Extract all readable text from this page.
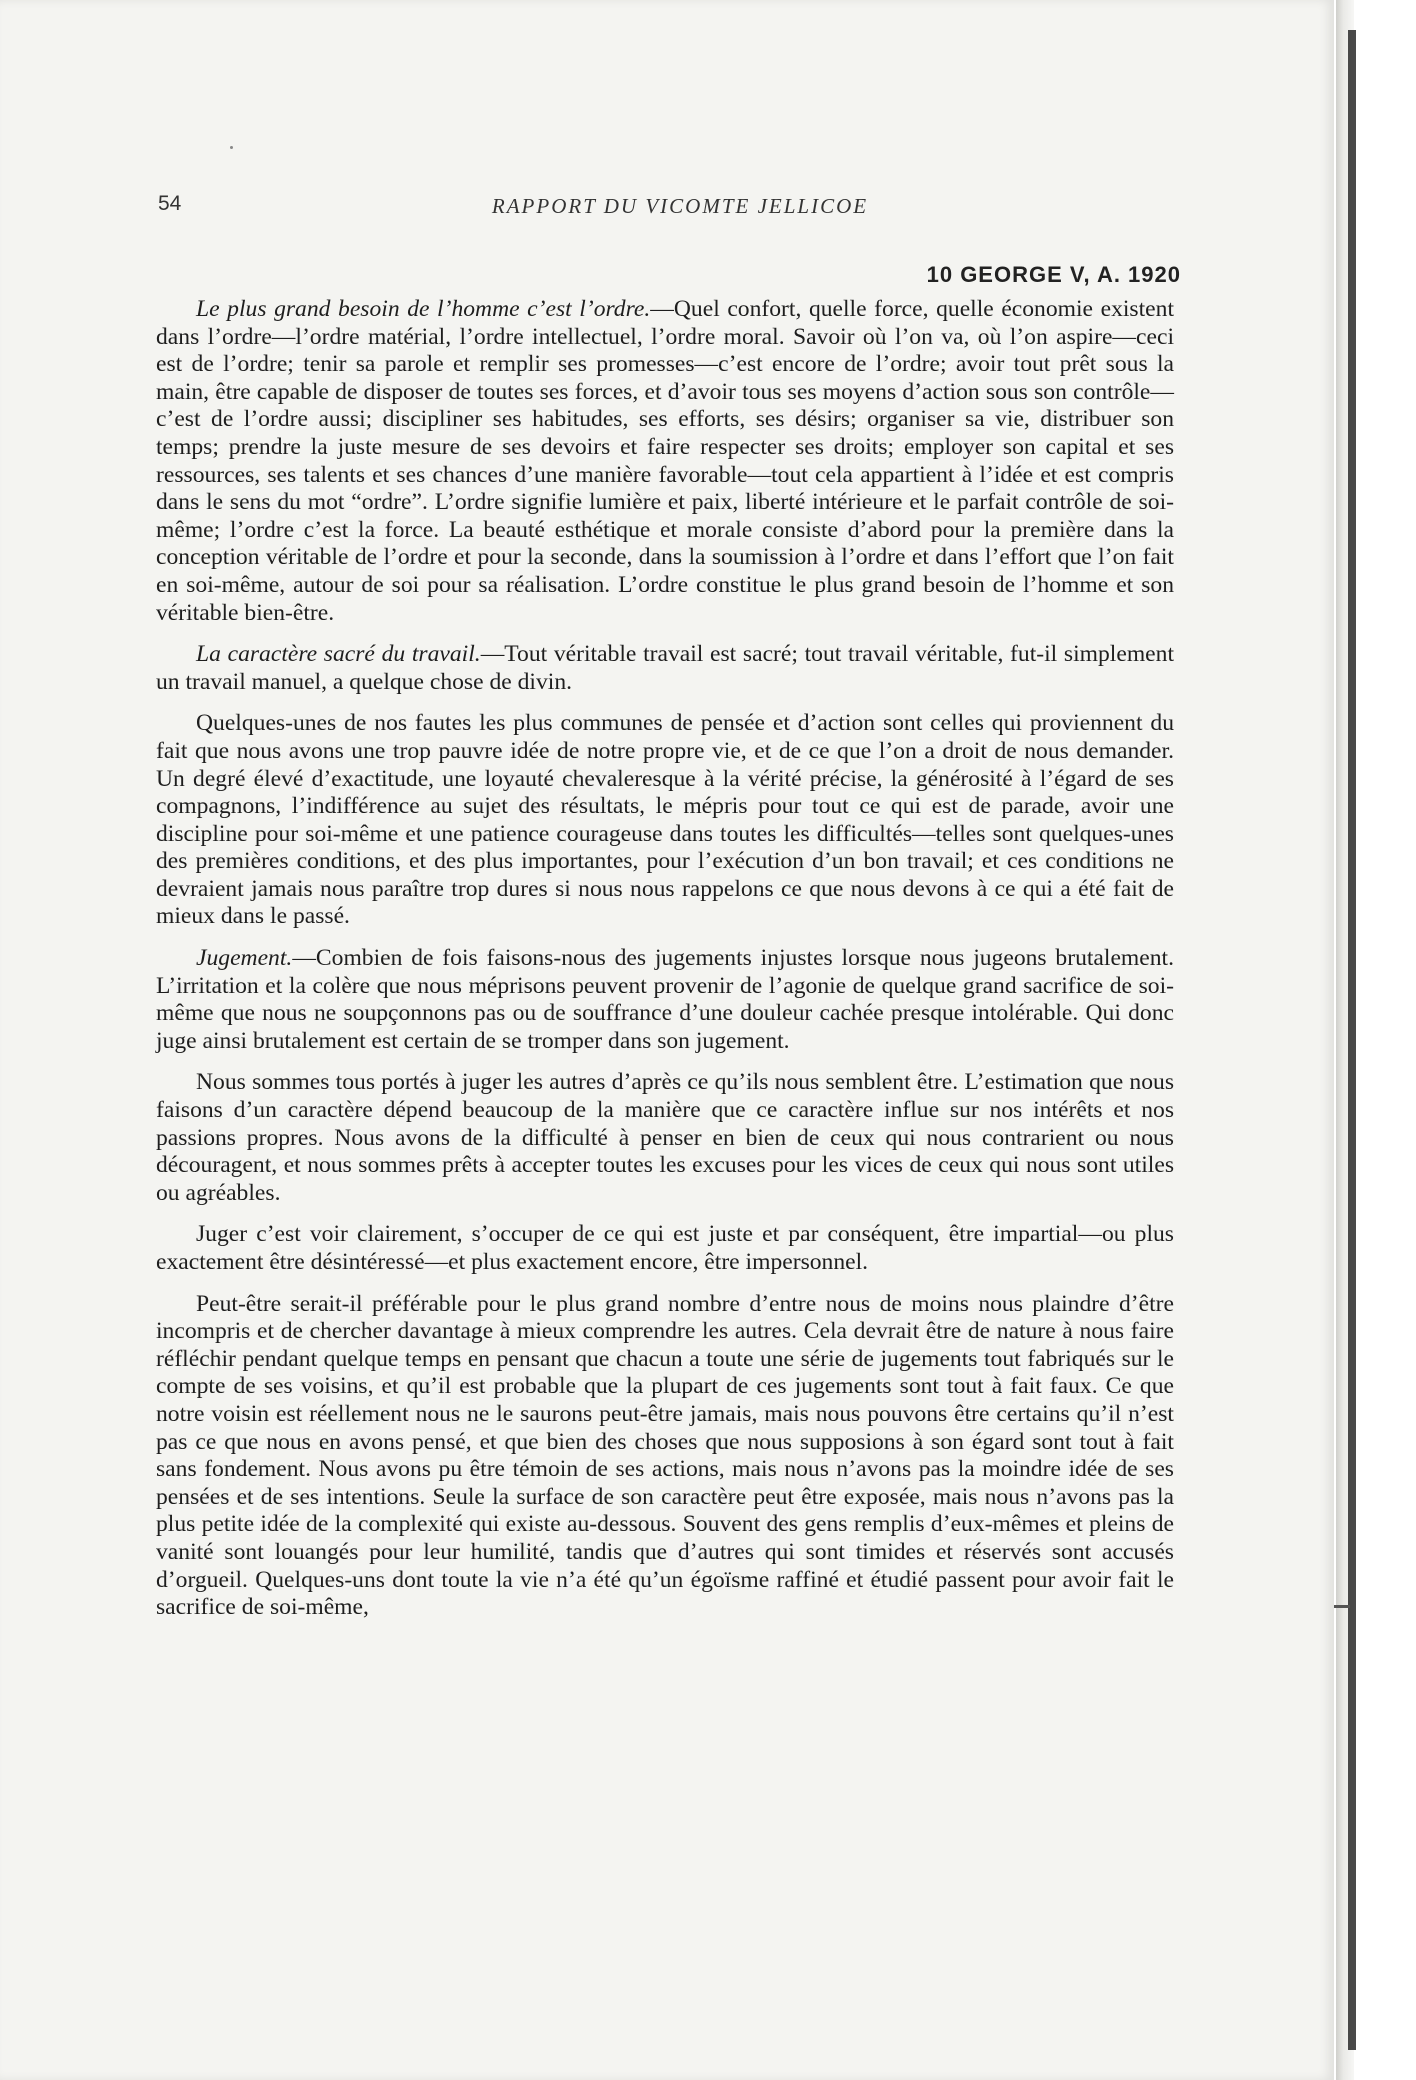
54	RAPPORT DU VICOMTE JELLICOE
10 GEORGE V, A. 1920

Le plus grand besoin de l’homme c’est l’ordre.—Quel confort, quelle force, quelle économie existent dans l’ordre—l’ordre matérial, l’ordre intellectuel, l’ordre moral. Savoir où l’on va, où l’on aspire—ceci est de l’ordre; tenir sa parole et remplir ses promesses—c’est encore de l’ordre; avoir tout prêt sous la main, être capable de disposer de toutes ses forces, et d’avoir tous ses moyens d’action sous son contrôle—c’est de l’ordre aussi; discipliner ses habitudes, ses efforts, ses désirs; organiser sa vie, distribuer son temps; prendre la juste mesure de ses devoirs et faire respecter ses droits; employer son capital et ses ressources, ses talents et ses chances d’une manière favorable—tout cela appartient à l’idée et est compris dans le sens du mot “ordre”. L’ordre signifie lumière et paix, liberté intérieure et le parfait contrôle de soi-même; l’ordre c’est la force. La beauté esthétique et morale consiste d’abord pour la première dans la conception véritable de l’ordre et pour la seconde, dans la soumission à l’ordre et dans l’effort que l’on fait en soi-même, autour de soi pour sa réalisation. L’ordre constitue le plus grand besoin de l’homme et son véritable bien-être.

La caractère sacré du travail.—Tout véritable travail est sacré; tout travail véritable, fut-il simplement un travail manuel, a quelque chose de divin.

Quelques-unes de nos fautes les plus communes de pensée et d’action sont celles qui proviennent du fait que nous avons une trop pauvre idée de notre propre vie, et de ce que l’on a droit de nous demander. Un degré élevé d’exactitude, une loyauté chevaleresque à la vérité précise, la générosité à l’égard de ses compagnons, l’indifférence au sujet des résultats, le mépris pour tout ce qui est de parade, avoir une discipline pour soi-même et une patience courageuse dans toutes les difficultés—telles sont quelques-unes des premières conditions, et des plus importantes, pour l’exécution d’un bon travail; et ces conditions ne devraient jamais nous paraître trop dures si nous nous rappelons ce que nous devons à ce qui a été fait de mieux dans le passé.

Jugement.—Combien de fois faisons-nous des jugements injustes lorsque nous jugeons brutalement. L’irritation et la colère que nous méprisons peuvent provenir de l’agonie de quelque grand sacrifice de soi-même que nous ne soupçonnons pas ou de souffrance d’une douleur cachée presque intolérable. Qui donc juge ainsi brutalement est certain de se tromper dans son jugement.

Nous sommes tous portés à juger les autres d’après ce qu’ils nous semblent être. L’estimation que nous faisons d’un caractère dépend beaucoup de la manière que ce caractère influe sur nos intérêts et nos passions propres. Nous avons de la difficulté à penser en bien de ceux qui nous contrarient ou nous découragent, et nous sommes prêts à accepter toutes les excuses pour les vices de ceux qui nous sont utiles ou agréables.

Juger c’est voir clairement, s’occuper de ce qui est juste et par conséquent, être impartial—ou plus exactement être désintéressé—et plus exactement encore, être impersonnel.

Peut-être serait-il préférable pour le plus grand nombre d’entre nous de moins nous plaindre d’être incompris et de chercher davantage à mieux comprendre les autres. Cela devrait être de nature à nous faire réfléchir pendant quelque temps en pensant que chacun a toute une série de jugements tout fabriqués sur le compte de ses voisins, et qu’il est probable que la plupart de ces jugements sont tout à fait faux. Ce que notre voisin est réellement nous ne le saurons peut-être jamais, mais nous pouvons être certains qu’il n’est pas ce que nous en avons pensé, et que bien des choses que nous supposions à son égard sont tout à fait sans fondement. Nous avons pu être témoin de ses actions, mais nous n’avons pas la moindre idée de ses pensées et de ses intentions. Seule la surface de son caractère peut être exposée, mais nous n’avons pas la plus petite idée de la complexité qui existe au-dessous. Souvent des gens remplis d’eux-mêmes et pleins de vanité sont louangés pour leur humilité, tandis que d’autres qui sont timides et réservés sont accusés d’orgueil. Quelques-uns dont toute la vie n’a été qu’un égoïsme raffiné et étudié passent pour avoir fait le sacrifice de soi-même,
